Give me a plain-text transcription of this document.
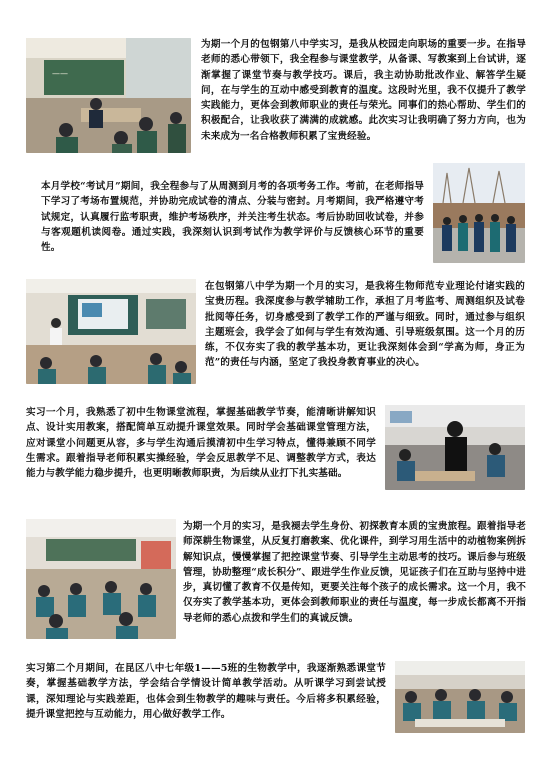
——

为期一个月的包钢第八中学实习，是我从校园走向职场的重要一步。在指导老师的悉心带领下，我全程参与课堂教学，从备课、写教案到上台试讲，逐渐掌握了课堂节奏与教学技巧。课后，我主动协助批改作业、解答学生疑问，在与学生的互动中感受到教育的温度。这段时光里，我不仅提升了教学实践能力，更体会到教师职业的责任与荣光。同事们的热心帮助、学生们的积极配合，让我收获了满满的成就感。此次实习让我明确了努力方向，也为未来成为一名合格教师积累了宝贵经验。

本月学校“考试月”期间，我全程参与了从周测到月考的各项考务工作。考前，在老师指导下学习了考场布置规范，并协助完成试卷的清点、分装与密封。月考期间，我严格遵守考试规定，认真履行监考职责，维护考场秩序，并关注考生状态。考后协助回收试卷，并参与客观题机读阅卷。通过实践，我深刻认识到考试作为教学评价与反馈核心环节的重要性。

在包钢第八中学为期一个月的实习，是我将生物师范专业理论付诸实践的宝贵历程。我深度参与教学辅助工作，承担了月考监考、周测组织及试卷批阅等任务，切身感受到了教学工作的严谨与细致。同时，通过参与组织主题班会，我学会了如何与学生有效沟通、引导班级氛围。这一个月的历练，不仅夯实了我的教学基本功，更让我深刻体会到“学高为师，身正为范”的责任与内涵，坚定了我投身教育事业的决心。

实习一个月，我熟悉了初中生物课堂流程，掌握基础教学节奏，能清晰讲解知识点、设计实用教案，搭配简单互动提升课堂效果。同时学会基础课堂管理方法，应对课堂小问题更从容，多与学生沟通后摸清初中生学习特点，懂得兼顾不同学生需求。跟着指导老师积累实操经验，学会反思教学不足、调整教学方式，表达能力与教学能力稳步提升，也更明晰教师职责，为后续从业打下扎实基础。

为期一个月的实习，是我褪去学生身份、初探教育本质的宝贵旅程。跟着指导老师深耕生物课堂，从反复打磨教案、优化课件，到学习用生活中的动植物案例拆解知识点，慢慢掌握了把控课堂节奏、引导学生主动思考的技巧。课后参与班级管理，协助整理“成长积分”、跟进学生作业反馈，见证孩子们在互助与坚持中进步，真切懂了教育不仅是传知，更要关注每个孩子的成长需求。这一个月，我不仅夯实了教学基本功，更体会到教师职业的责任与温度，每一步成长都离不开指导老师的悉心点拨和学生们的真诚反馈。

实习第二个月期间，在昆区八中七年级1——5班的生物教学中，我逐渐熟悉课堂节奏，掌握基础教学方法，学会结合学情设计简单教学活动。从听课学习到尝试授课，深知理论与实践差距，也体会到生物教学的趣味与责任。今后将多积累经验，提升课堂把控与互动能力，用心做好教学工作。
